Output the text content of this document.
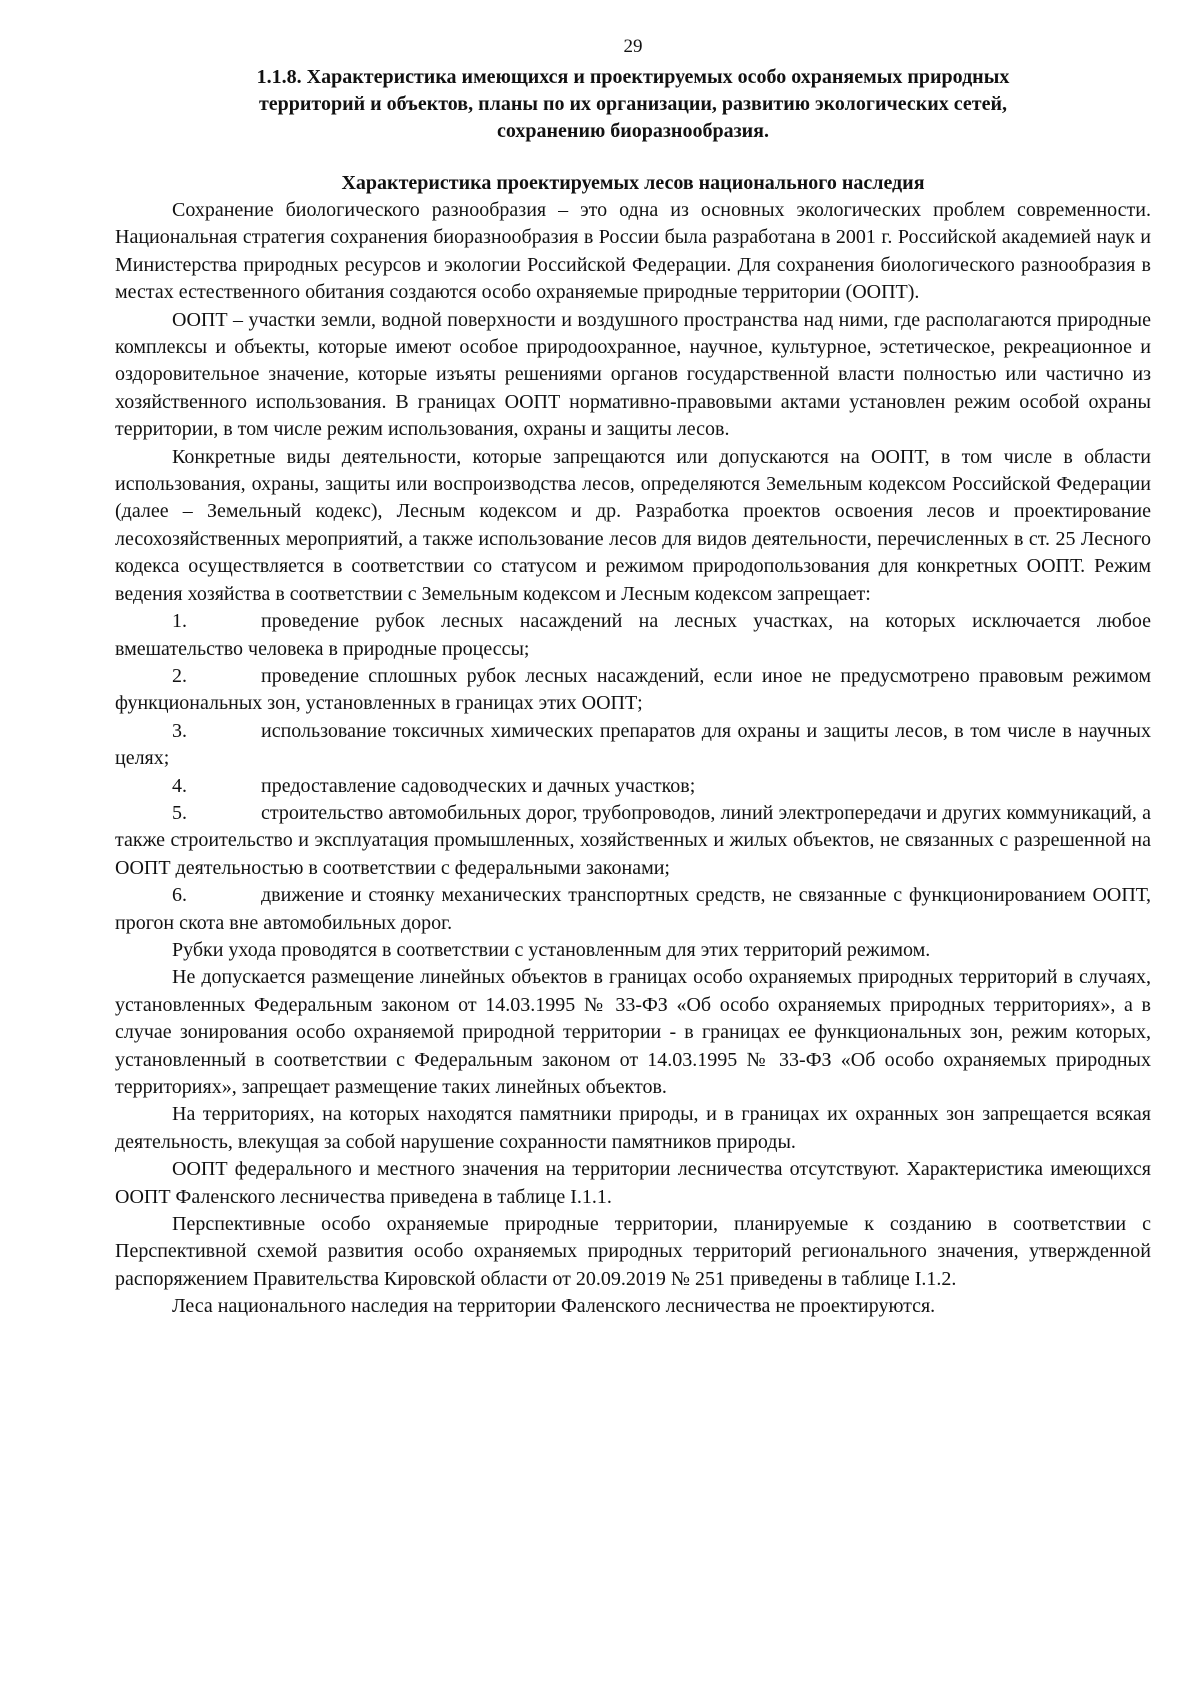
29
1.1.8. Характеристика имеющихся и проектируемых особо охраняемых природных
территорий и объектов, планы по их организации, развитию экологических сетей,
сохранению биоразнообразия.
Характеристика проектируемых лесов национального наследия

Сохранение биологического разнообразия – это одна из основных экологических проблем современности. Национальная стратегия сохранения биоразнообразия в России была разработана в 2001 г. Российской академией наук и Министерства природных ресурсов и экологии Российской Федерации. Для сохранения биологического разнообразия в местах естественного обитания создаются особо охраняемые природные территории (ООПТ).

ООПТ – участки земли, водной поверхности и воздушного пространства над ними, где располагаются природные комплексы и объекты, которые имеют особое природоохранное, научное, культурное, эстетическое, рекреационное и оздоровительное значение, которые изъяты решениями органов государственной власти полностью или частично из хозяйственного использования. В границах ООПТ нормативно-правовыми актами установлен режим особой охраны территории, в том числе режим использования, охраны и защиты лесов.

Конкретные виды деятельности, которые запрещаются или допускаются на ООПТ, в том числе в области использования, охраны, защиты или воспроизводства лесов, определяются Земельным кодексом Российской Федерации (далее – Земельный кодекс), Лесным кодексом и др. Разработка проектов освоения лесов и проектирование лесохозяйственных мероприятий, а также использование лесов для видов деятельности, перечисленных в ст. 25 Лесного кодекса осуществляется в соответствии со статусом и режимом природопользования для конкретных ООПТ. Режим ведения хозяйства в соответствии с Земельным кодексом и Лесным кодексом запрещает:

1.	проведение рубок лесных насаждений на лесных участках, на которых исключается любое вмешательство человека в природные процессы;

2.	проведение сплошных рубок лесных насаждений, если иное не предусмотрено правовым режимом функциональных зон, установленных в границах этих ООПТ;

3.	использование токсичных химических препаратов для охраны и защиты лесов, в том числе в научных целях;

4.	предоставление садоводческих и дачных участков;

5.	строительство автомобильных дорог, трубопроводов, линий электропередачи и других коммуникаций, а также строительство и эксплуатация промышленных, хозяйственных и жилых объектов, не связанных с разрешенной на ООПТ деятельностью в соответствии с федеральными законами;

6.	движение и стоянку механических транспортных средств, не связанные с функционированием ООПТ, прогон скота вне автомобильных дорог.

Рубки ухода проводятся в соответствии с установленным для этих территорий режимом.

Не допускается размещение линейных объектов в границах особо охраняемых природных территорий в случаях, установленных Федеральным законом от 14.03.1995 № 33-ФЗ «Об особо охраняемых природных территориях», а в случае зонирования особо охраняемой природной территории - в границах ее функциональных зон, режим которых, установленный в соответствии с Федеральным законом от 14.03.1995 № 33-ФЗ «Об особо охраняемых природных территориях», запрещает размещение таких линейных объектов.

На территориях, на которых находятся памятники природы, и в границах их охранных зон запрещается всякая деятельность, влекущая за собой нарушение сохранности памятников природы.

ООПТ федерального и местного значения на территории лесничества отсутствуют. Характеристика имеющихся ООПТ Фаленского лесничества приведена в таблице I.1.1.

Перспективные особо охраняемые природные территории, планируемые к созданию в соответствии с Перспективной схемой развития особо охраняемых природных территорий регионального значения, утвержденной распоряжением Правительства Кировской области от 20.09.2019 № 251 приведены в таблице I.1.2.

Леса национального наследия на территории Фаленского лесничества не проектируются.
